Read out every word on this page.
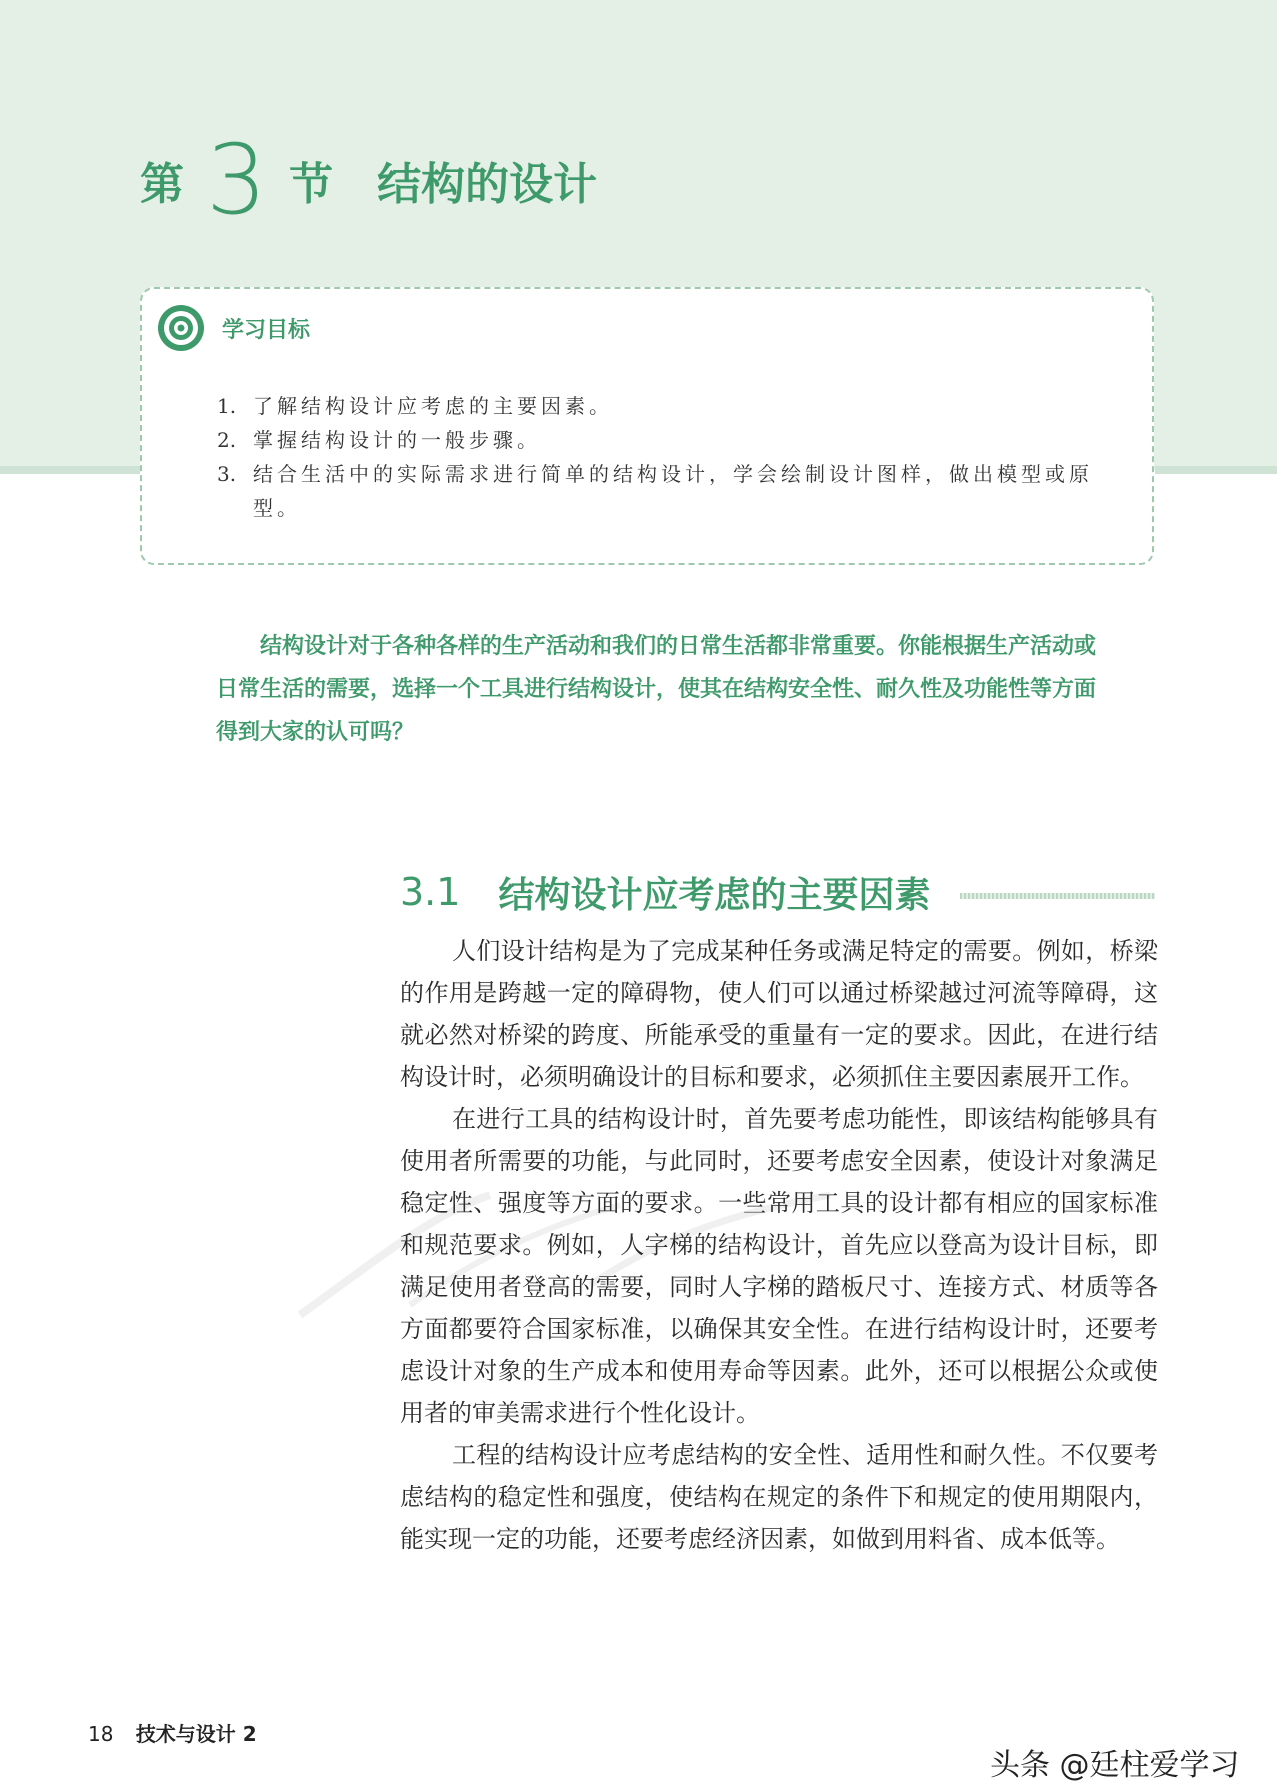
第 3 节 结构的设计
学习目标
1. 了解结构设计应考虑的主要因素。
2. 掌握结构设计的一般步骤。
3. 结合生活中的实际需求进行简单的结构设计，学会绘制设计图样，做出模型或原型。

结构设计对于各种各样的生产活动和我们的日常生活都非常重要。你能根据生产活动或日常生活的需要，选择一个工具进行结构设计，使其在结构安全性、耐久性及功能性等方面得到大家的认可吗？

3.1 结构设计应考虑的主要因素

人们设计结构是为了完成某种任务或满足特定的需要。例如，桥梁的作用是跨越一定的障碍物，使人们可以通过桥梁越过河流等障碍，这就必然对桥梁的跨度、所能承受的重量有一定的要求。因此，在进行结构设计时，必须明确设计的目标和要求，必须抓住主要因素展开工作。

在进行工具的结构设计时，首先要考虑功能性，即该结构能够具有使用者所需要的功能，与此同时，还要考虑安全因素，使设计对象满足稳定性、强度等方面的要求。一些常用工具的设计都有相应的国家标准和规范要求。例如，人字梯的结构设计，首先应以登高为设计目标，即满足使用者登高的需要，同时人字梯的踏板尺寸、连接方式、材质等各方面都要符合国家标准，以确保其安全性。在进行结构设计时，还要考虑设计对象的生产成本和使用寿命等因素。此外，还可以根据公众或使用者的审美需求进行个性化设计。

工程的结构设计应考虑结构的安全性、适用性和耐久性。不仅要考虑结构的稳定性和强度，使结构在规定的条件下和规定的使用期限内，能实现一定的功能，还要考虑经济因素，如做到用料省、成本低等。

18 技术与设计 2
头条 @廷柱爱学习
